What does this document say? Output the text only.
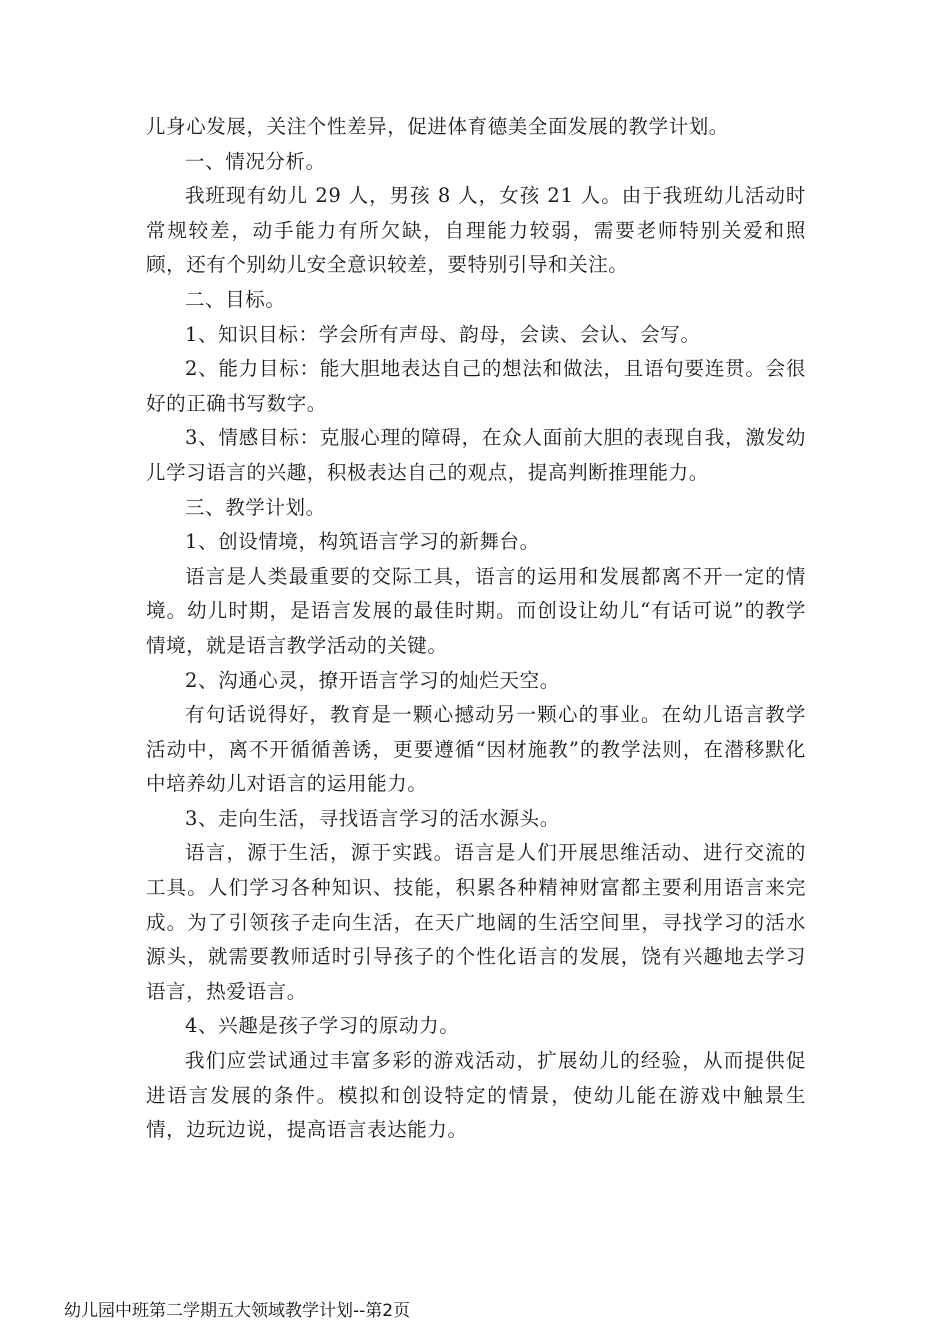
儿身心发展，关注个性差异，促进体育德美全面发展的教学计划。

一、情况分析。

我班现有幼儿 29 人，男孩 8 人，女孩 21 人。由于我班幼儿活动时常规较差，动手能力有所欠缺，自理能力较弱，需要老师特别关爱和照顾，还有个别幼儿安全意识较差，要特别引导和关注。

二、目标。

1、知识目标：学会所有声母、韵母，会读、会认、会写。

2、能力目标：能大胆地表达自己的想法和做法，且语句要连贯。会很好的正确书写数字。

3、情感目标：克服心理的障碍，在众人面前大胆的表现自我，激发幼儿学习语言的兴趣，积极表达自己的观点，提高判断推理能力。

三、教学计划。

1、创设情境，构筑语言学习的新舞台。

语言是人类最重要的交际工具，语言的运用和发展都离不开一定的情境。幼儿时期，是语言发展的最佳时期。而创设让幼儿“有话可说”的教学情境，就是语言教学活动的关键。

2、沟通心灵，撩开语言学习的灿烂天空。

有句话说得好，教育是一颗心撼动另一颗心的事业。在幼儿语言教学活动中，离不开循循善诱，更要遵循“因材施教”的教学法则，在潜移默化中培养幼儿对语言的运用能力。

3、走向生活，寻找语言学习的活水源头。

语言，源于生活，源于实践。语言是人们开展思维活动、进行交流的工具。人们学习各种知识、技能，积累各种精神财富都主要利用语言来完成。为了引领孩子走向生活，在天广地阔的生活空间里，寻找学习的活水源头，就需要教师适时引导孩子的个性化语言的发展，饶有兴趣地去学习语言，热爱语言。

4、兴趣是孩子学习的原动力。

我们应尝试通过丰富多彩的游戏活动，扩展幼儿的经验，从而提供促进语言发展的条件。模拟和创设特定的情景，使幼儿能在游戏中触景生情，边玩边说，提高语言表达能力。

幼儿园中班第二学期五大领域教学计划--第2页
